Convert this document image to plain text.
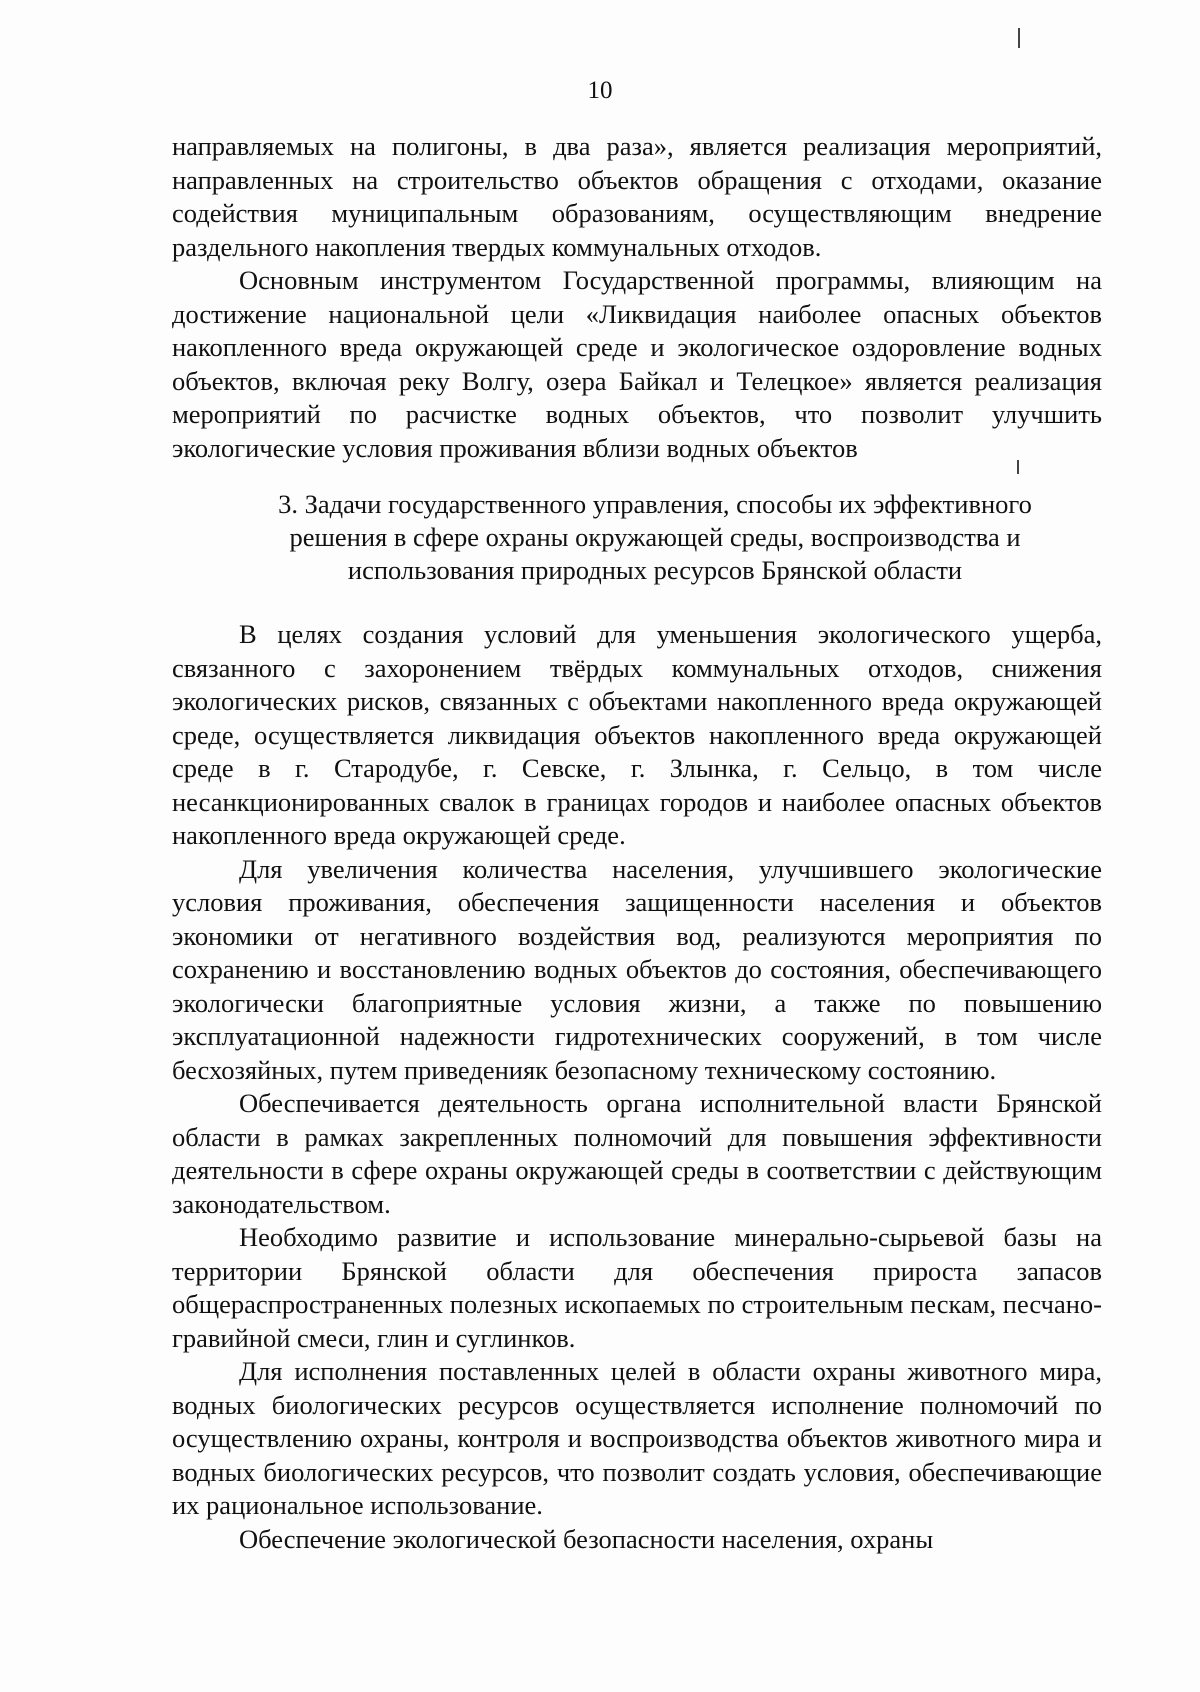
10

направляемых на полигоны, в два раза», является реализация мероприятий, направленных на строительство объектов обращения с отходами, оказание содействия муниципальным образованиям, осуществляющим внедрение раздельного накопления твердых коммунальных отходов.

Основным инструментом Государственной программы, влияющим на достижение национальной цели «Ликвидация наиболее опасных объектов накопленного вреда окружающей среде и экологическое оздоровление водных объектов, включая реку Волгу, озера Байкал и Телецкое» является реализация мероприятий по расчистке водных объектов, что позволит улучшить экологические условия проживания вблизи водных объектов

3. Задачи государственного управления, способы их эффективного
решения в сфере охраны окружающей среды, воспроизводства и
использования природных ресурсов Брянской области

В целях создания условий для уменьшения экологического ущерба, связанного с захоронением твёрдых коммунальных отходов, снижения экологических рисков, связанных с объектами накопленного вреда окружающей среде, осуществляется ликвидация объектов накопленного вреда окружающей среде в г. Стародубе, г. Севске, г. Злынка, г. Сельцо, в том числе несанкционированных свалок в границах городов и наиболее опасных объектов накопленного вреда окружающей среде.

Для увеличения количества населения, улучшившего экологические условия проживания, обеспечения защищенности населения и объектов экономики от негативного воздействия вод, реализуются мероприятия по сохранению и восстановлению водных объектов до состояния, обеспечивающего экологически благоприятные условия жизни, а также по повышению эксплуатационной надежности гидротехнических сооружений, в том числе бесхозяйных, путем приведенияк безопасному техническому состоянию.

Обеспечивается деятельность органа исполнительной власти Брянской области в рамках закрепленных полномочий для повышения эффективности деятельности в сфере охраны окружающей среды в соответствии с действующим законодательством.

Необходимо развитие и использование минерально-сырьевой базы на территории Брянской области для обеспечения прироста запасов общераспространенных полезных ископаемых по строительным пескам, песчано-гравийной смеси, глин и суглинков.

Для исполнения поставленных целей в области охраны животного мира, водных биологических ресурсов осуществляется исполнение полномочий по осуществлению охраны, контроля и воспроизводства объектов животного мира и водных биологических ресурсов, что позволит создать условия, обеспечивающие их рациональное использование.

Обеспечение экологической безопасности населения, охраны
